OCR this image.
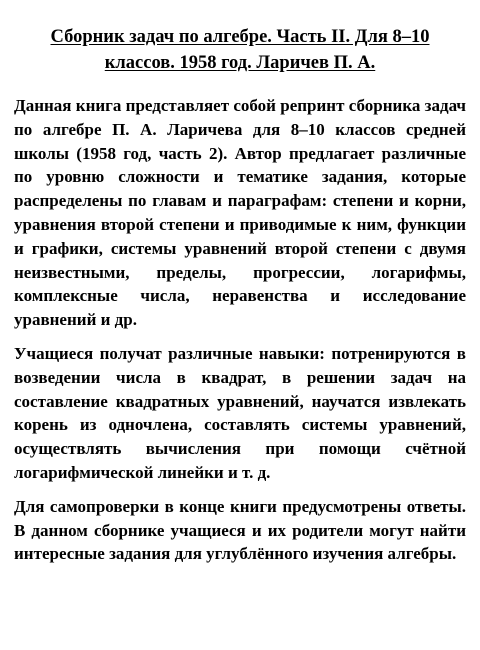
Сборник задач по алгебре. Часть II. Для 8–10 классов. 1958 год. Ларичев П. А.

Данная книга представляет собой репринт сборника задач по алгебре П. А. Ларичева для 8–10 классов средней школы (1958 год, часть 2). Автор предлагает различные по уровню сложности и тематике задания, которые распределены по главам и параграфам: степени и корни, уравнения второй степени и приводимые к ним, функции и графики, системы уравнений второй степени с двумя неизвестными, пределы, прогрессии, логарифмы, комплексные числа, неравенства и исследование уравнений и др.

Учащиеся получат различные навыки: потренируются в возведении числа в квадрат, в решении задач на составление квадратных уравнений, научатся извлекать корень из одночлена, составлять системы уравнений, осуществлять вычисления при помощи счётной логарифмической линейки и т. д.

Для самопроверки в конце книги предусмотрены ответы. В данном сборнике учащиеся и их родители могут найти интересные задания для углублённого изучения алгебры.
